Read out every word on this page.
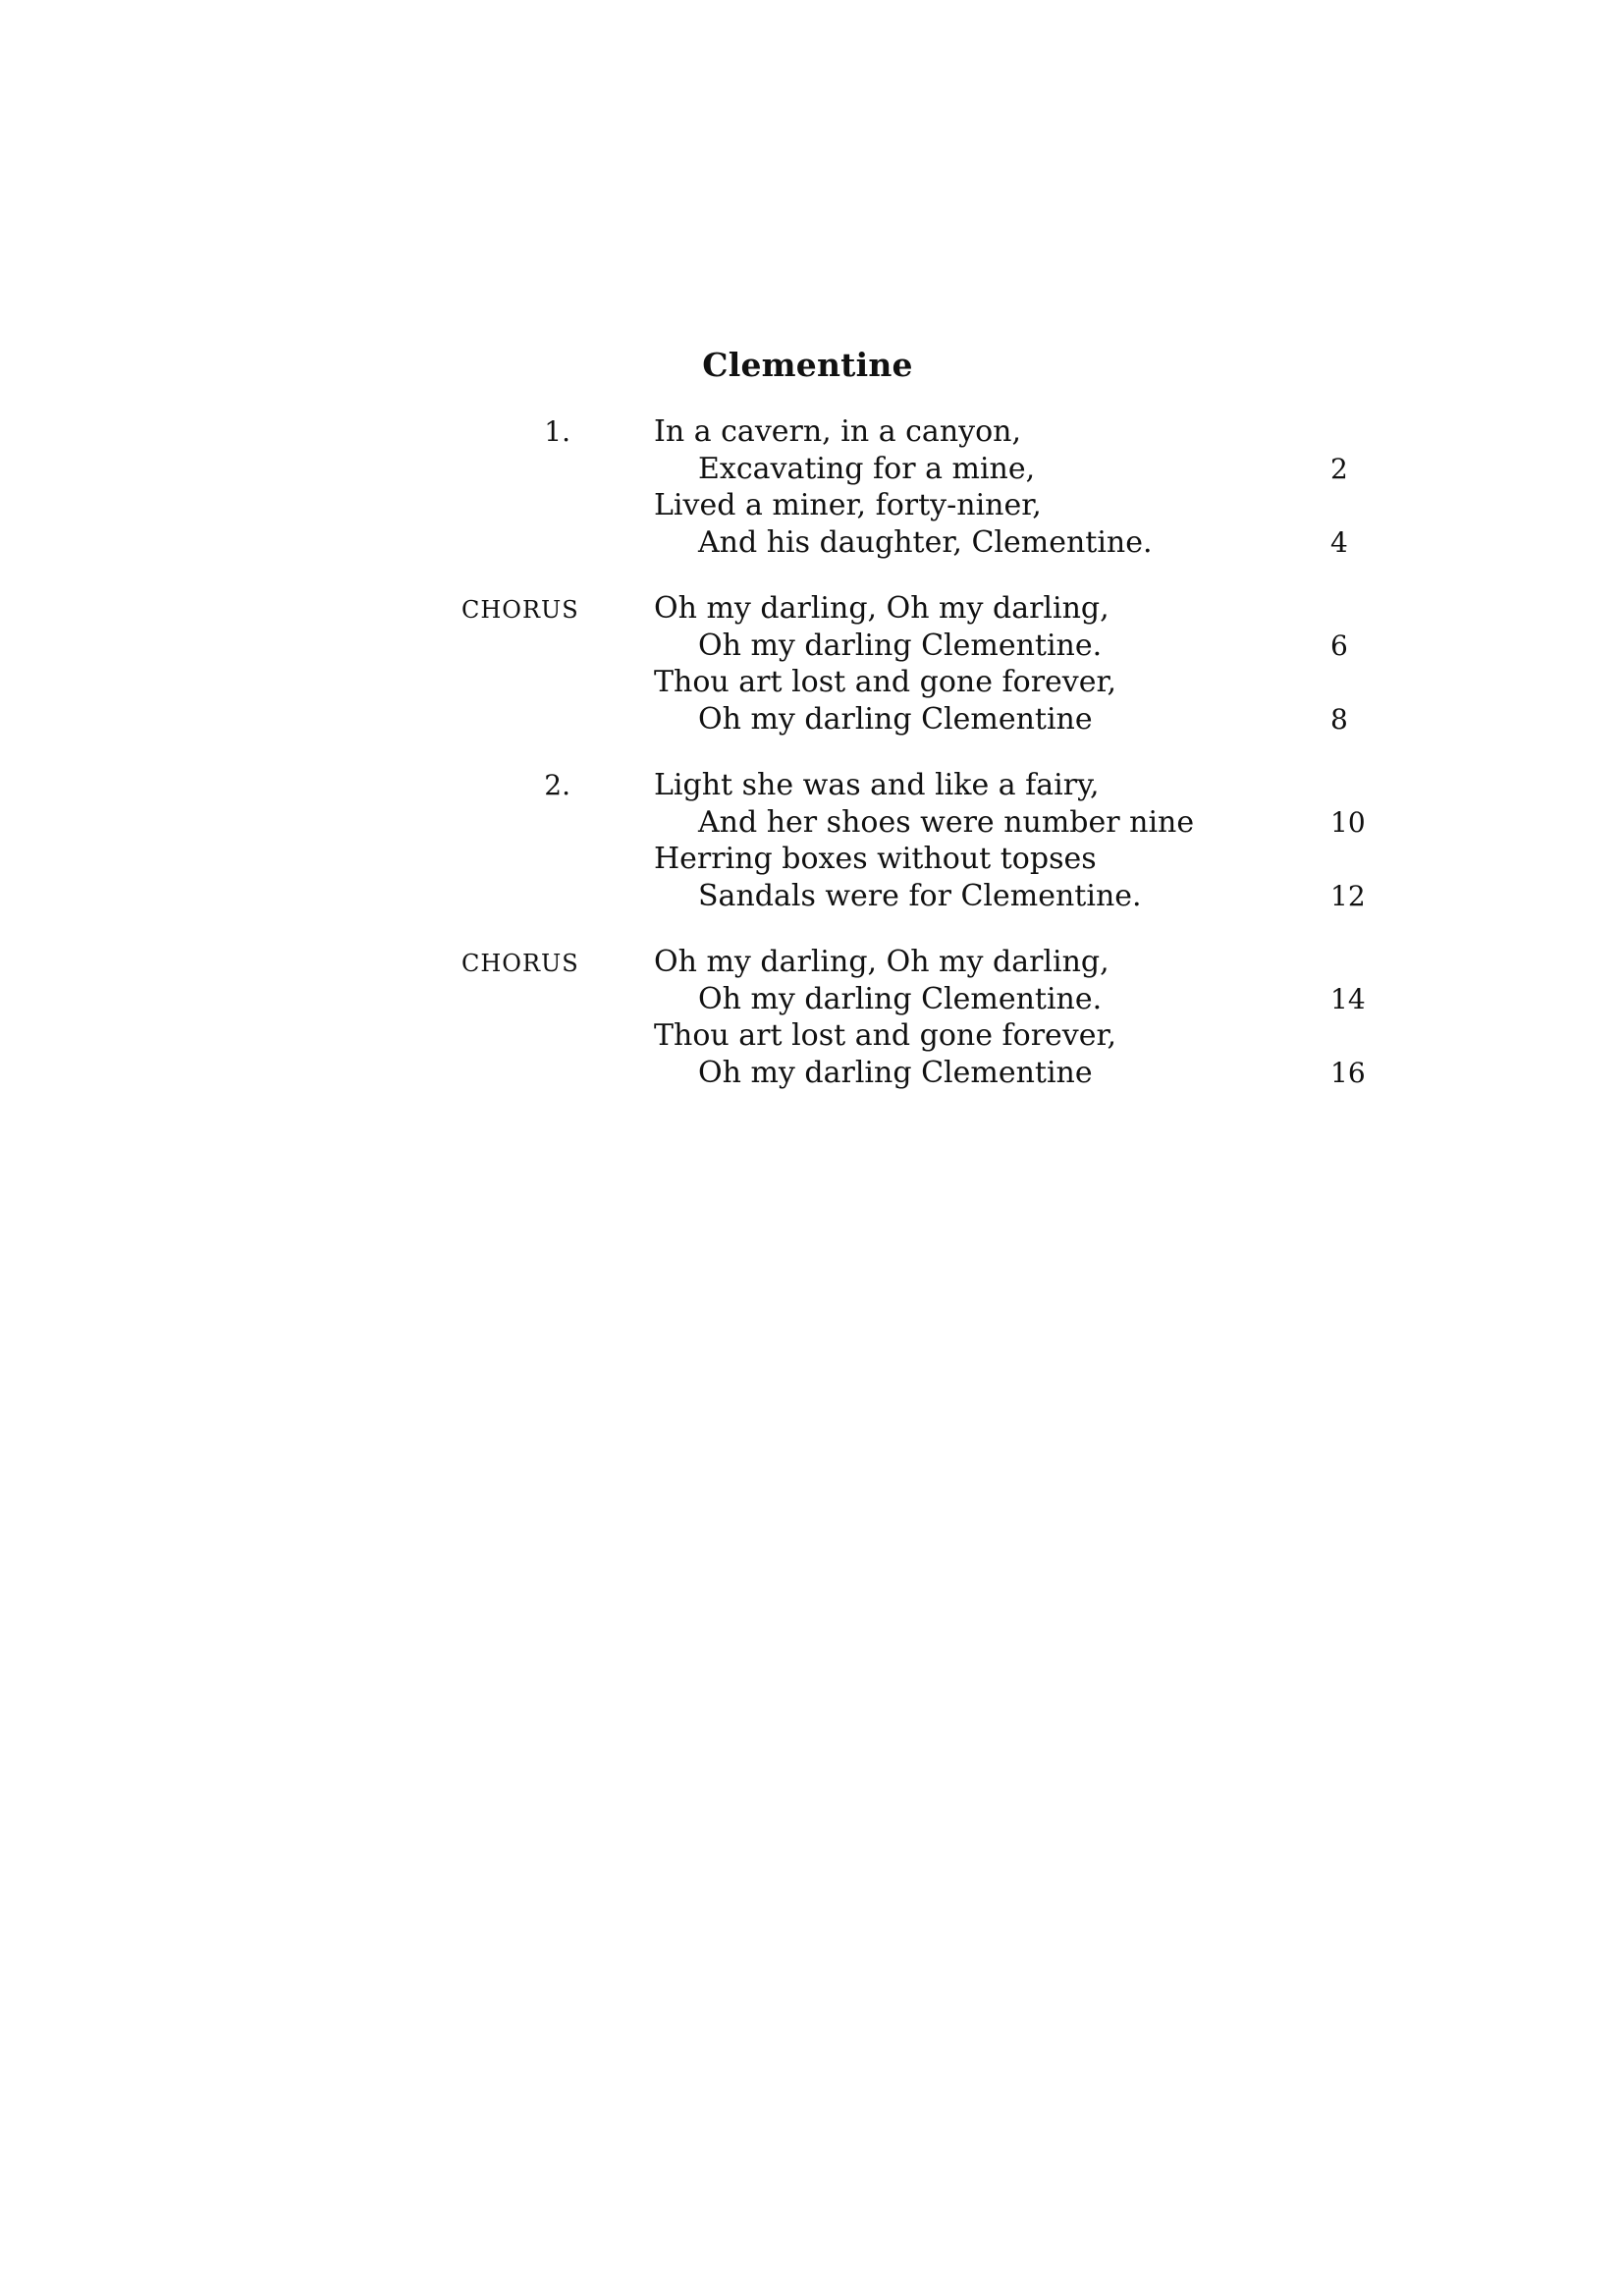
Clementine
1.	In a cavern, in a canyon,
Excavating for a mine,	2
Lived a miner, forty-niner,
And his daughter, Clementine.	4
CHORUS	Oh my darling, Oh my darling,
Oh my darling Clementine.	6
Thou art lost and gone forever,
Oh my darling Clementine	8
2.	Light she was and like a fairy,
And her shoes were number nine	10
Herring boxes without topses
Sandals were for Clementine.	12
CHORUS	Oh my darling, Oh my darling,
Oh my darling Clementine.	14
Thou art lost and gone forever,
Oh my darling Clementine	16
